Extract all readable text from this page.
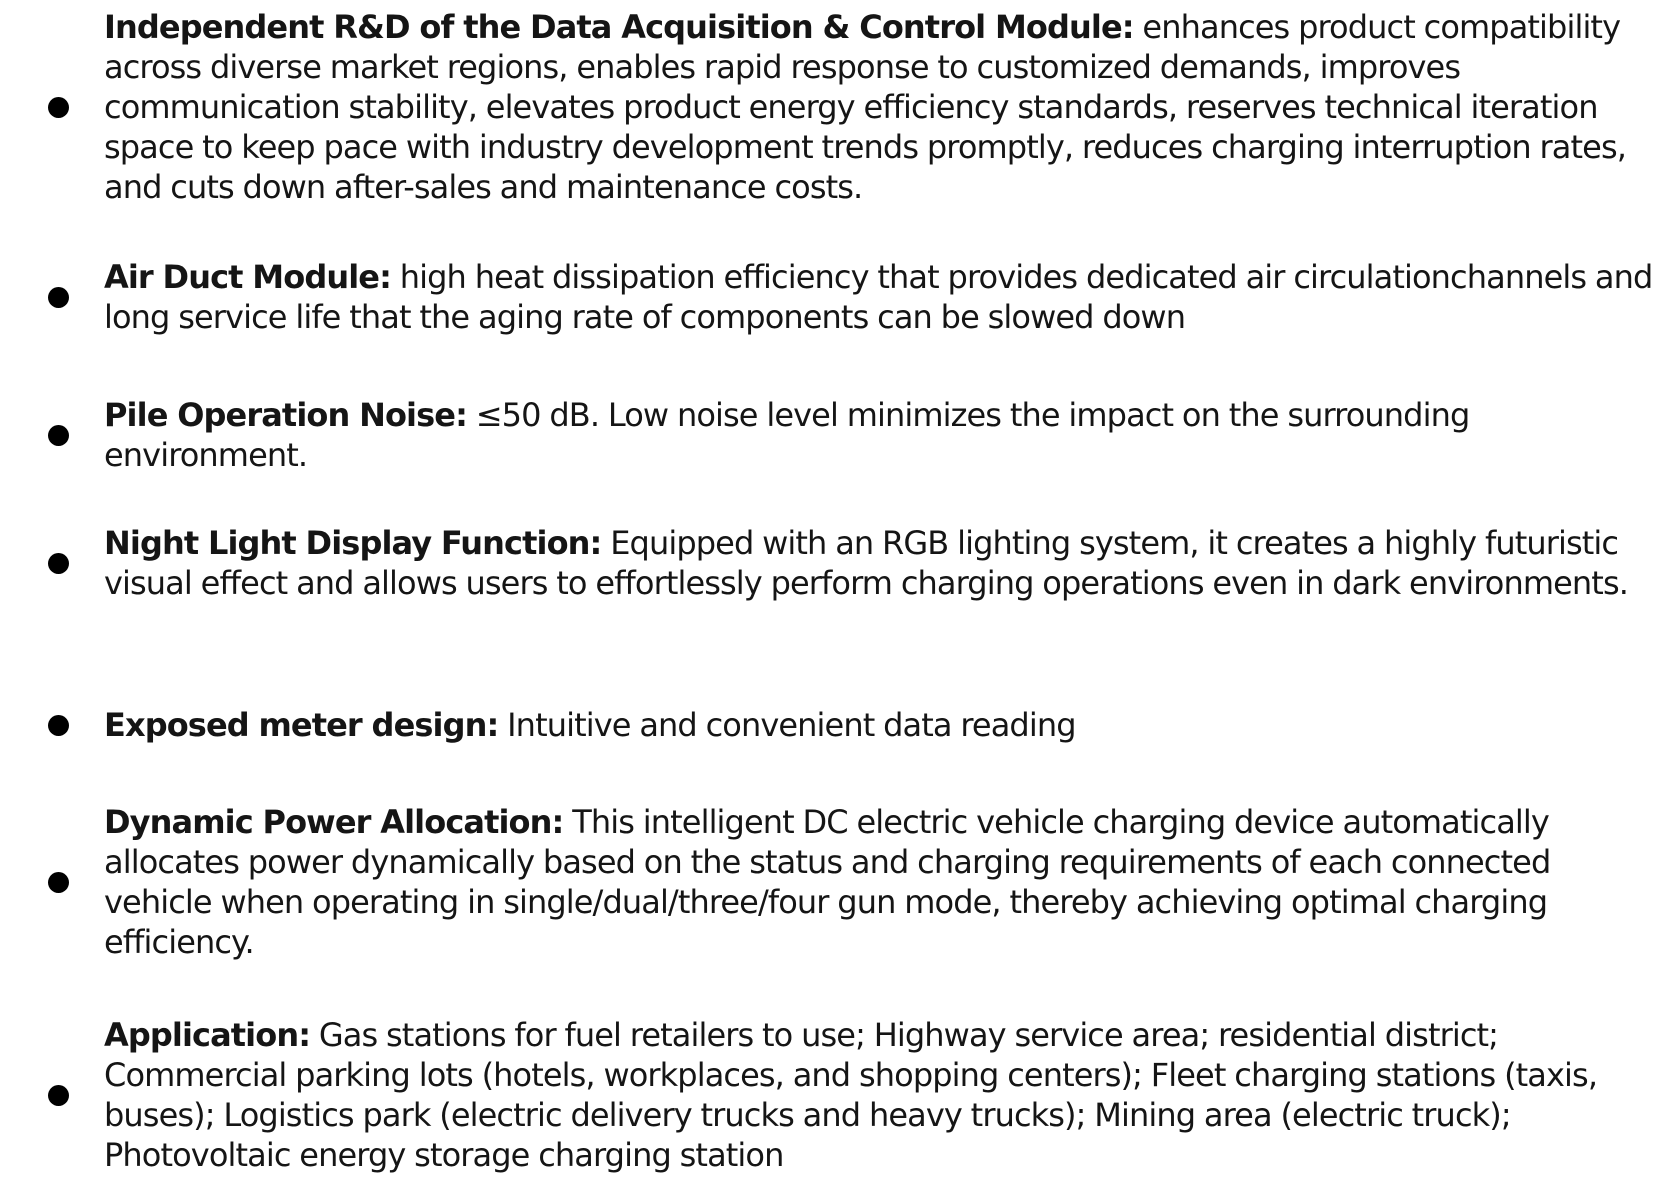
Independent R&D of the Data Acquisition & Control Module: enhances product compatibility across diverse market regions, enables rapid response to customized demands, improves communication stability, elevates product energy efficiency standards, reserves technical iteration space to keep pace with industry development trends promptly, reduces charging interruption rates, and cuts down after-sales and maintenance costs.
Air Duct Module: high heat dissipation efficiency that provides dedicated air circulationchannels and long service life that the aging rate of components can be slowed down
Pile Operation Noise: ≤50 dB. Low noise level minimizes the impact on the surrounding environment.
Night Light Display Function: Equipped with an RGB lighting system, it creates a highly futuristic visual effect and allows users to effortlessly perform charging operations even in dark environments.
Exposed meter design: Intuitive and convenient data reading
Dynamic Power Allocation: This intelligent DC electric vehicle charging device automatically allocates power dynamically based on the status and charging requirements of each connected vehicle when operating in single/dual/three/four gun mode, thereby achieving optimal charging efficiency.
Application: Gas stations for fuel retailers to use; Highway service area; residential district; Commercial parking lots (hotels, workplaces, and shopping centers); Fleet charging stations (taxis, buses); Logistics park (electric delivery trucks and heavy trucks); Mining area (electric truck); Photovoltaic energy storage charging station
